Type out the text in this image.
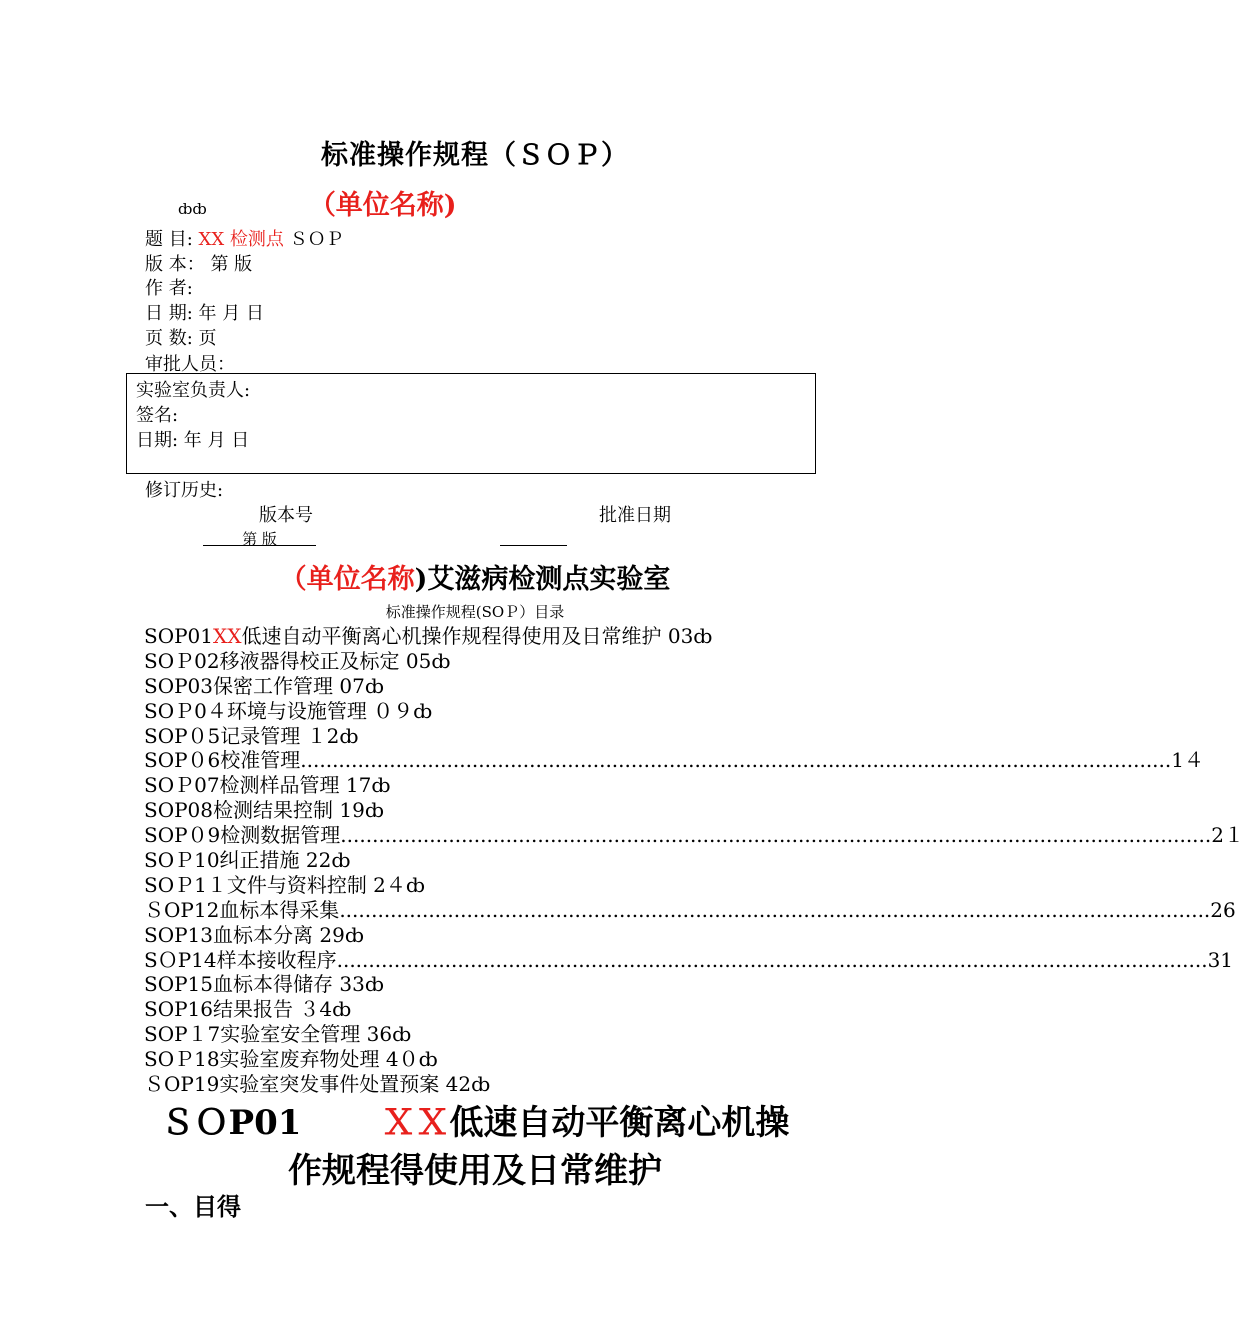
标准操作规程（ＳＯＰ）
ȸȸ	（单位名称)
题 目: XX 检测点 ＳＯＰ
版 本： 第 版
作 者:
日 期: 年 月 日
页 数: 页
审批人员：
实验室负责人:
签名:
日期: 年 月 日
修订历史:
版本号	批准日期
第 版
（单位名称)艾滋病检测点实验室
标准操作规程(SOＰ）目录
SOP01 XX 低速自动平衡离心机操作规程得使用及日常维护 03ȸ
SOＰ02 移液器得校正及标定 05ȸ
SOP03 保密工作管理 07ȸ
SOＰ0４ 环境与设施管理 ０９ȸ
SOP０5 记录管理 １2ȸ
SOP０6 校准管理 ......................................................................................................................................... 1４
SOＰ07 检测样品管理 17ȸ
SOP08 检测结果控制 19ȸ
SOP０9 检测数据管理 ......................................................................................................................................... 2１
SOＰ10 纠正措施 22ȸ
SOＰ1１ 文件与资料控制 2４ȸ
ＳOP12 血标本得采集 ......................................................................................................................................... 26
SOP13 血标本分离 29ȸ
SＯP14 样本接收程序 ......................................................................................................................................... 31
SOP15 血标本得储存 33ȸ
SOP16 结果报告 ３4ȸ
SOP１7 实验室安全管理 36ȸ
SOＰ18 实验室废弃物处理 4０ȸ
ＳOP19 实验室突发事件处置预案 42ȸ
ＳＯP01 ＸＸ低速自动平衡离心机操
作规程得使用及日常维护
一、目得
